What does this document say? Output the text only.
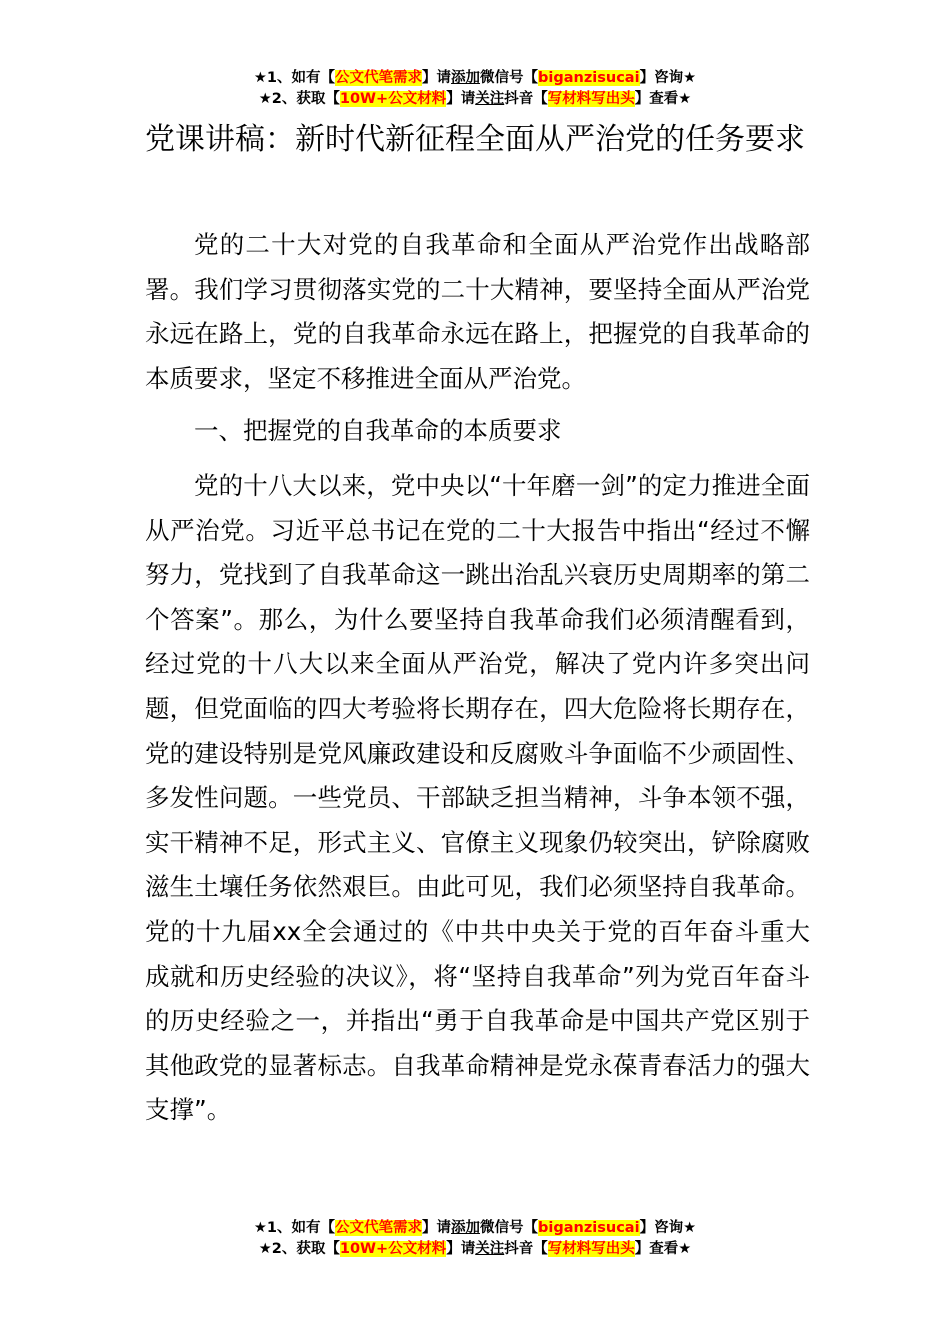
★1、如有【公文代笔需求】请添加微信号【biganzisucai】咨询★
★2、获取【10W+公文材料】请关注抖音【写材料写出头】查看★
党课讲稿：新时代新征程全面从严治党的任务要求

党的二十大对党的自我革命和全面从严治党作出战略部署。我们学习贯彻落实党的二十大精神，要坚持全面从严治党永远在路上，党的自我革命永远在路上，把握党的自我革命的本质要求，坚定不移推进全面从严治党。

一、把握党的自我革命的本质要求

党的十八大以来，党中央以“十年磨一剑”的定力推进全面从严治党。习近平总书记在党的二十大报告中指出“经过不懈努力，党找到了自我革命这一跳出治乱兴衰历史周期率的第二个答案”。那么，为什么要坚持自我革命我们必须清醒看到，经过党的十八大以来全面从严治党，解决了党内许多突出问题，但党面临的四大考验将长期存在，四大危险将长期存在，党的建设特别是党风廉政建设和反腐败斗争面临不少顽固性、多发性问题。一些党员、干部缺乏担当精神，斗争本领不强，实干精神不足，形式主义、官僚主义现象仍较突出，铲除腐败滋生土壤任务依然艰巨。由此可见，我们必须坚持自我革命。党的十九届xx全会通过的《中共中央关于党的百年奋斗重大成就和历史经验的决议》，将“坚持自我革命”列为党百年奋斗的历史经验之一，并指出“勇于自我革命是中国共产党区别于其他政党的显著标志。自我革命精神是党永葆青春活力的强大支撑”。

★1、如有【公文代笔需求】请添加微信号【biganzisucai】咨询★
★2、获取【10W+公文材料】请关注抖音【写材料写出头】查看★
